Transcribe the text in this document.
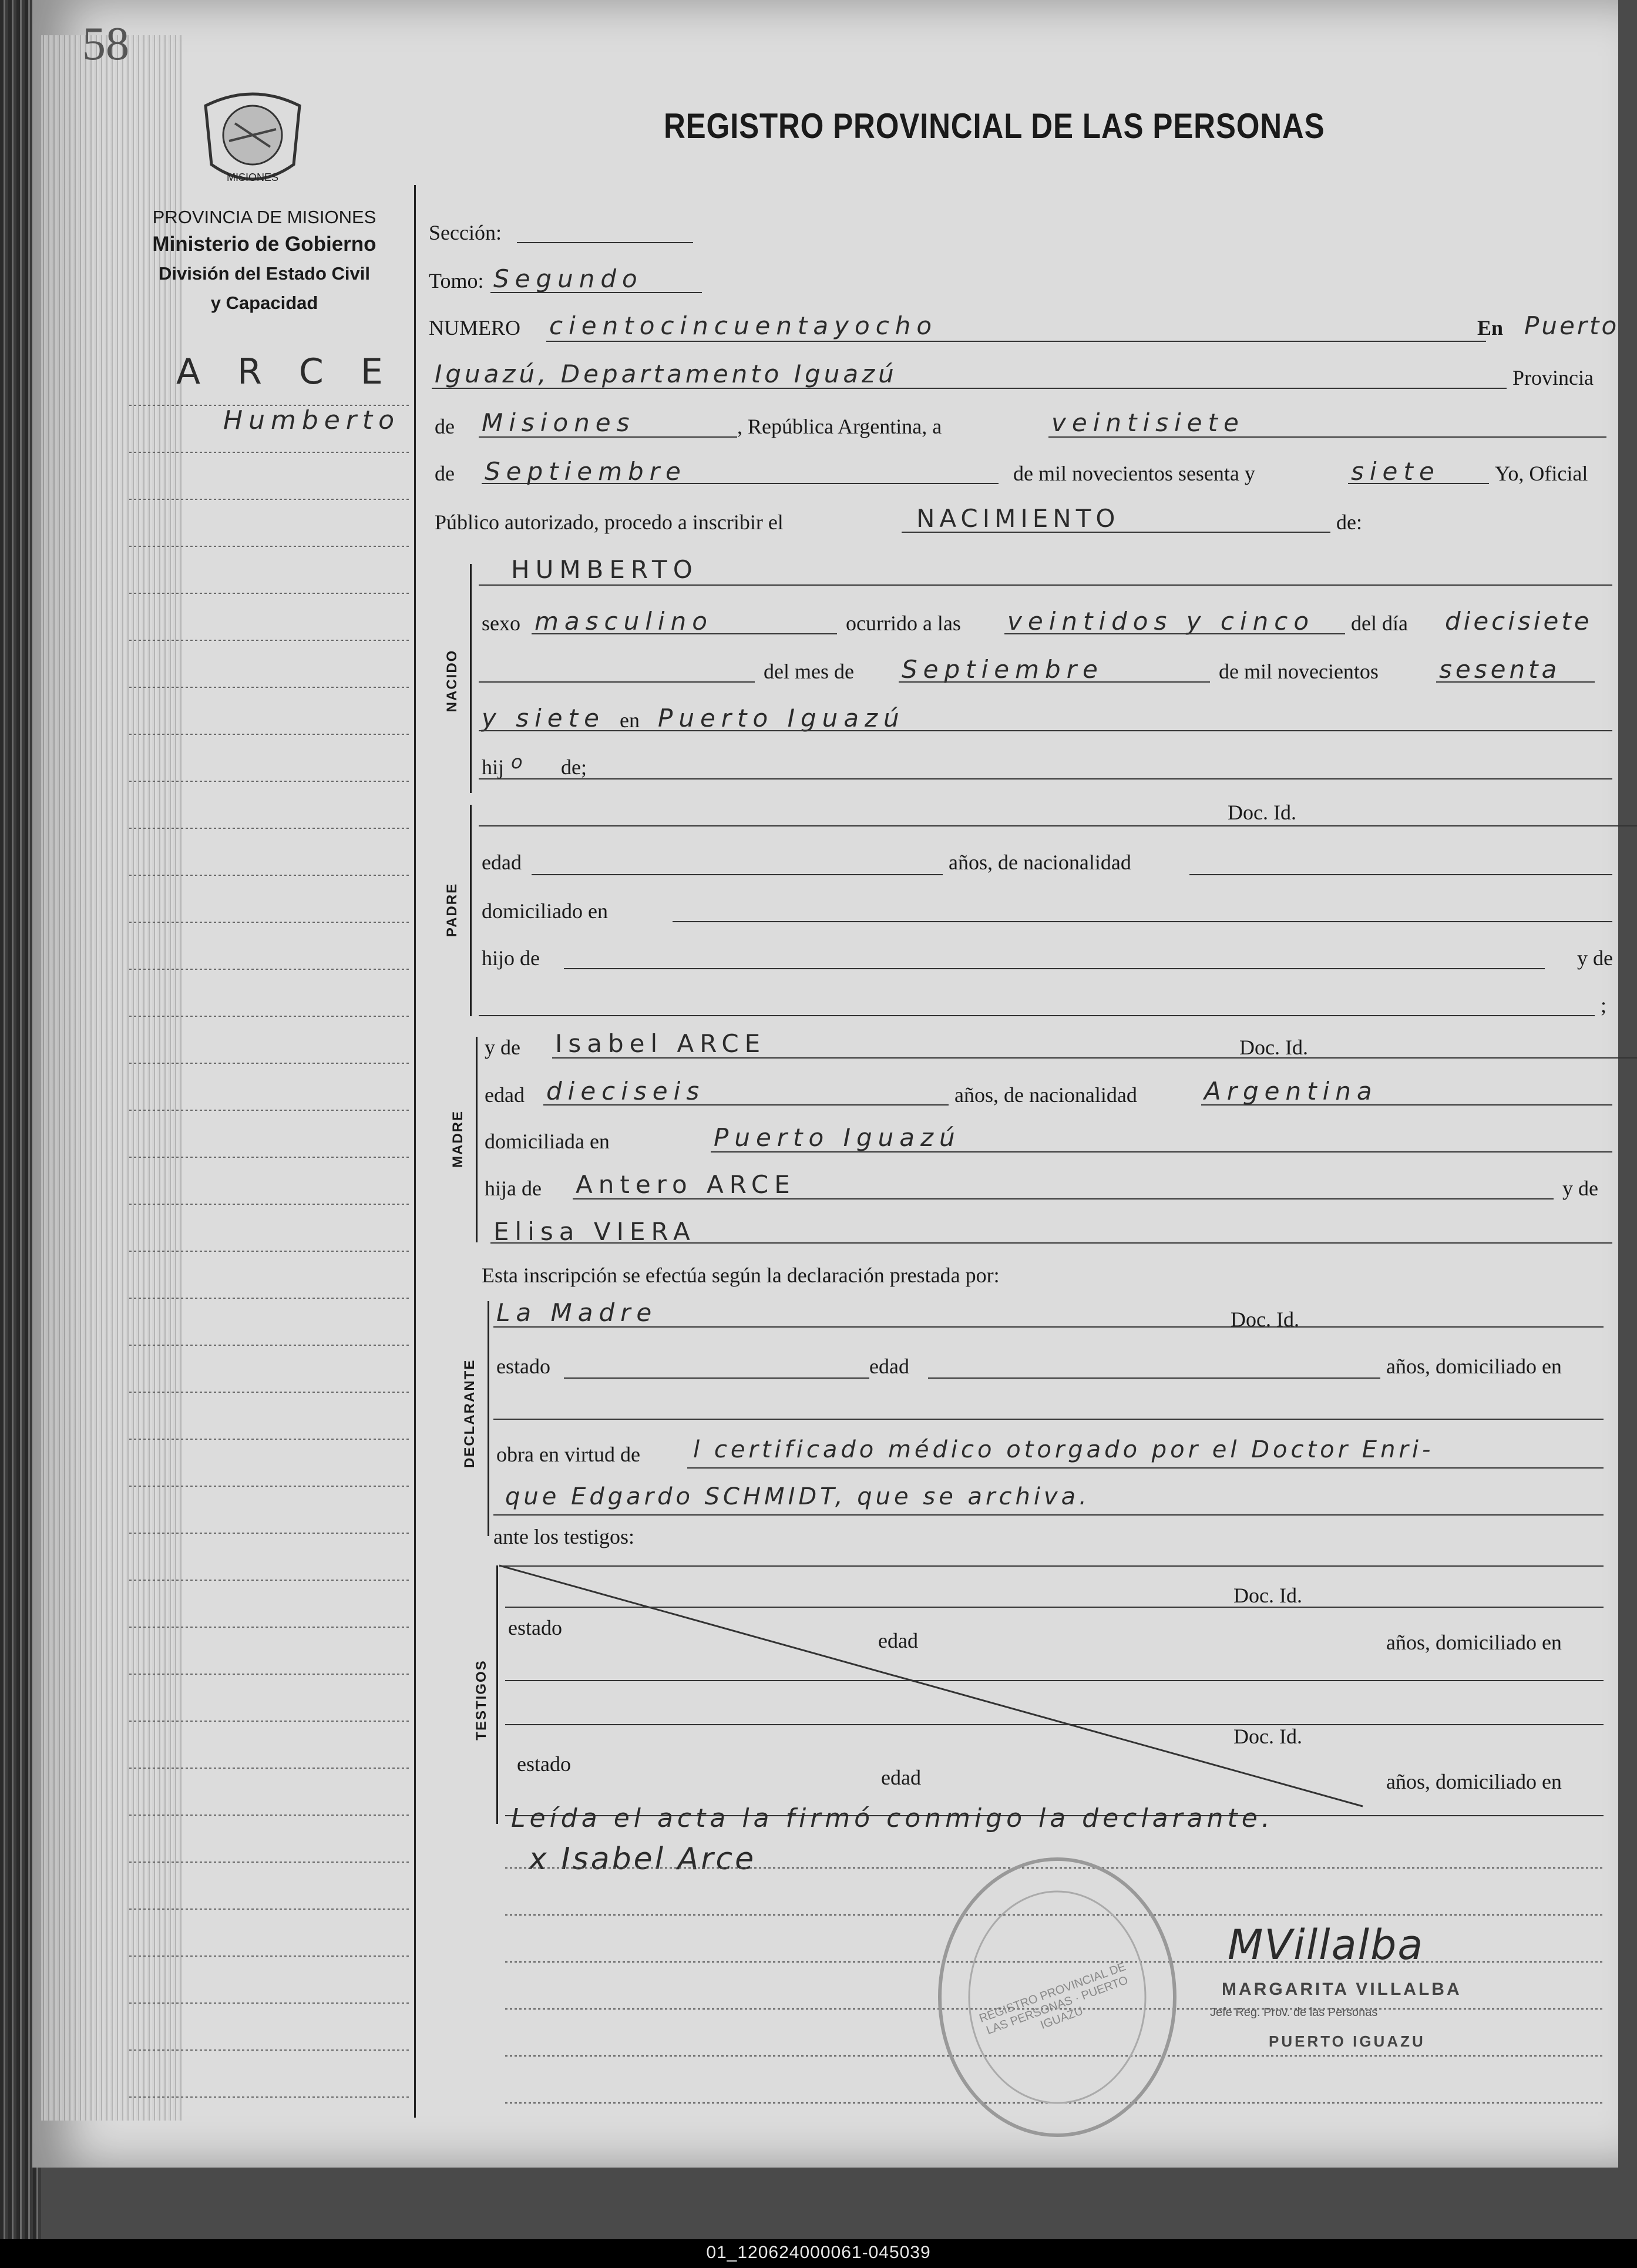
58
MISIONES
REGISTRO PROVINCIAL DE LAS PERSONAS
PROVINCIA DE MISIONES
Ministerio de Gobierno
División del Estado Civil
y Capacidad
A R C E
Humberto
Sección:
Tomo: Segundo
NUMERO cientocincuentayocho	En Puerto
Iguazú, Departamento Iguazú	Provincia
de Misiones	, República Argentina, a	veintisiete
de Septiembre	de mil novecientos sesenta y	siete	Yo, Oficial
Público autorizado, procedo a inscribir el	NACIMIENTO	de:
NACIDO
HUMBERTO
sexo masculino	ocurrido a las veintidos y cinco del día diecisiete
del mes de Septiembre	de mil novecientos sesenta
y siete en Puerto Iguazú
hij o de;
PADRE
Doc. Id.
edad	años, de nacionalidad
domiciliado en
hijo de	y de
;
MADRE
y de Isabel ARCE	Doc. Id.
edad dieciseis	años, de nacionalidad	Argentina
domiciliada en	Puerto Iguazú
hija de Antero ARCE	y de
Elisa VIERA
Esta inscripción se efectúa según la declaración prestada por:
DECLARANTE
La Madre	Doc. Id.
estado	edad	años, domiciliado en
obra en virtud de l certificado médico otorgado por el Doctor Enri-
que Edgardo SCHMIDT, que se archiva.
ante los testigos:
TESTIGOS
Doc. Id.
estado
edad	años, domiciliado en
Doc. Id.
estado
edad	años, domiciliado en
Leída el acta la firmó conmigo la declarante.
x Isabel Arce
REGISTRO PROVINCIAL DE LAS PERSONAS · PUERTO IGUAZU
MVillalba
MARGARITA VILLALBA
Jefe Reg. Prov. de las Personas
PUERTO IGUAZU
01_120624000061-045039
